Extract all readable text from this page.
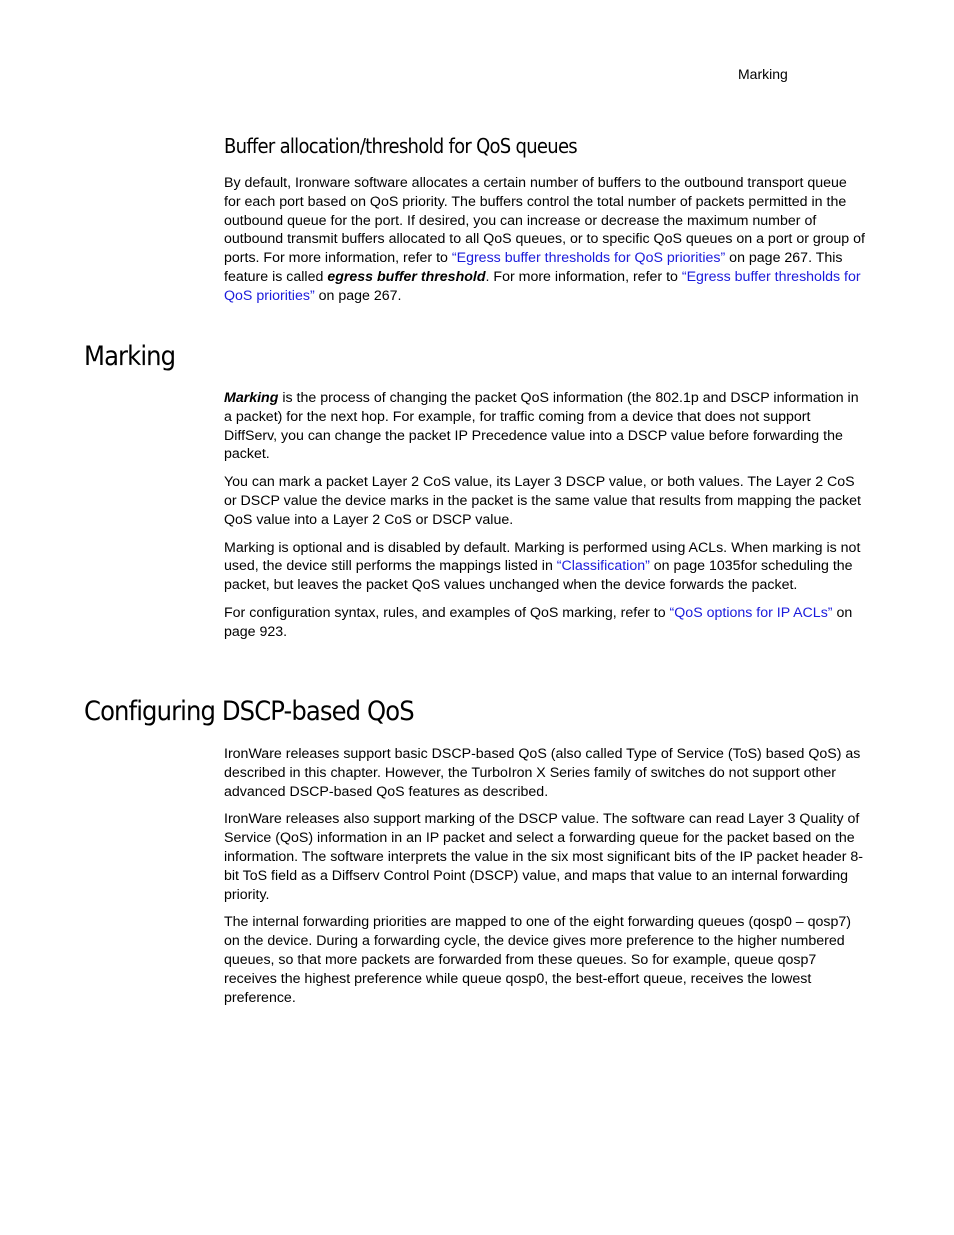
Marking
Buffer allocation/threshold for QoS queues

By default, Ironware software allocates a certain number of buffers to the outbound transport queue for each port based on QoS priority. The buffers control the total number of packets permitted in the outbound queue for the port. If desired, you can increase or decrease the maximum number of outbound transmit buffers allocated to all QoS queues, or to specific QoS queues on a port or group of ports. For more information, refer to “Egress buffer thresholds for QoS priorities” on page 267. This feature is called egress buffer threshold. For more information, refer to “Egress buffer thresholds for QoS priorities” on page 267.

Marking

Marking is the process of changing the packet QoS information (the 802.1p and DSCP information in a packet) for the next hop. For example, for traffic coming from a device that does not support DiffServ, you can change the packet IP Precedence value into a DSCP value before forwarding the packet.

You can mark a packet Layer 2 CoS value, its Layer 3 DSCP value, or both values. The Layer 2 CoS or DSCP value the device marks in the packet is the same value that results from mapping the packet QoS value into a Layer 2 CoS or DSCP value.

Marking is optional and is disabled by default. Marking is performed using ACLs. When marking is not used, the device still performs the mappings listed in “Classification” on page 1035for scheduling the packet, but leaves the packet QoS values unchanged when the device forwards the packet.

For configuration syntax, rules, and examples of QoS marking, refer to “QoS options for IP ACLs” on page 923.

Configuring DSCP-based QoS

IronWare releases support basic DSCP-based QoS (also called Type of Service (ToS) based QoS) as described in this chapter. However, the TurboIron X Series family of switches do not support other advanced DSCP-based QoS features as described.

IronWare releases also support marking of the DSCP value. The software can read Layer 3 Quality of Service (QoS) information in an IP packet and select a forwarding queue for the packet based on the information. The software interprets the value in the six most significant bits of the IP packet header 8-bit ToS field as a Diffserv Control Point (DSCP) value, and maps that value to an internal forwarding priority.

The internal forwarding priorities are mapped to one of the eight forwarding queues (qosp0 – qosp7) on the device. During a forwarding cycle, the device gives more preference to the higher numbered queues, so that more packets are forwarded from these queues. So for example, queue qosp7 receives the highest preference while queue qosp0, the best-effort queue, receives the lowest preference.
